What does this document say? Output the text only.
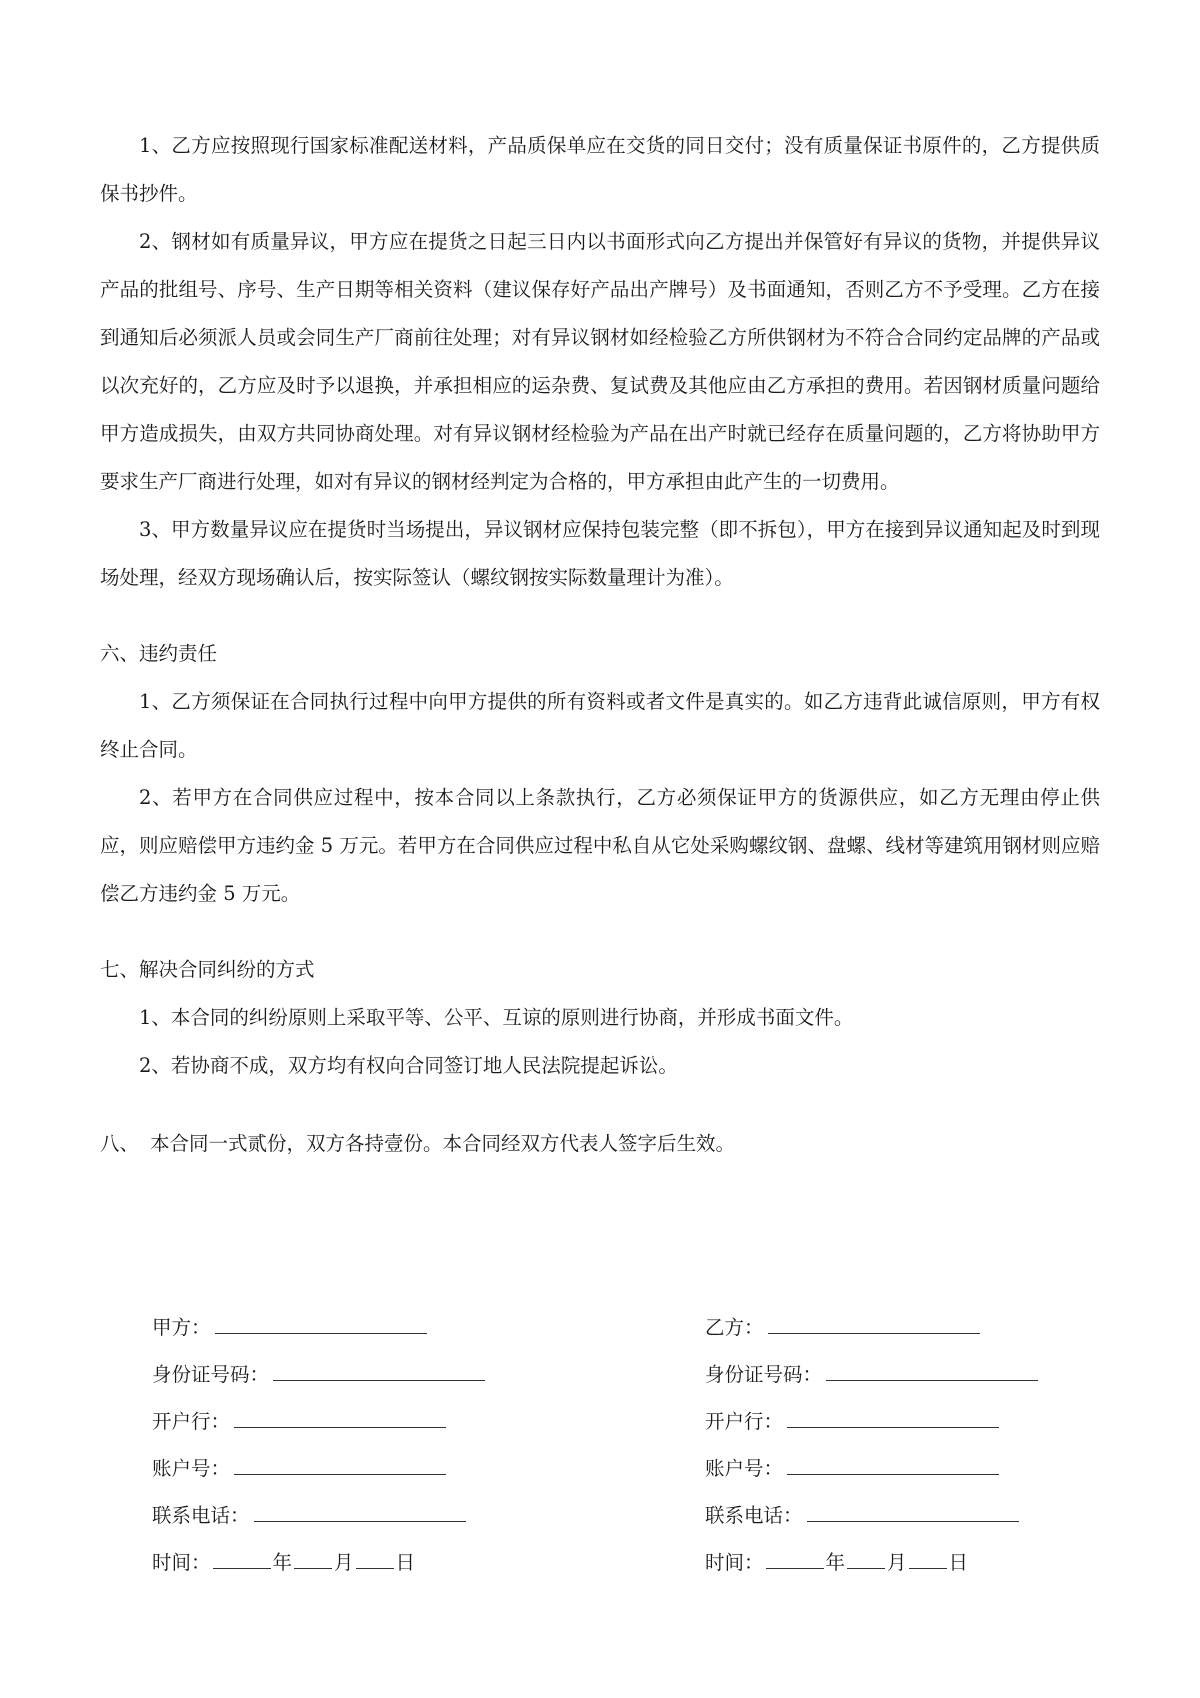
1、乙方应按照现行国家标准配送材料，产品质保单应在交货的同日交付；没有质量保证书原件的，乙方提供质保书抄件。

2、钢材如有质量异议，甲方应在提货之日起三日内以书面形式向乙方提出并保管好有异议的货物，并提供异议产品的批组号、序号、生产日期等相关资料（建议保存好产品出产牌号）及书面通知，否则乙方不予受理。乙方在接到通知后必须派人员或会同生产厂商前往处理；对有异议钢材如经检验乙方所供钢材为不符合合同约定品牌的产品或以次充好的，乙方应及时予以退换，并承担相应的运杂费、复试费及其他应由乙方承担的费用。若因钢材质量问题给甲方造成损失，由双方共同协商处理。对有异议钢材经检验为产品在出产时就已经存在质量问题的，乙方将协助甲方要求生产厂商进行处理，如对有异议的钢材经判定为合格的，甲方承担由此产生的一切费用。

3、甲方数量异议应在提货时当场提出，异议钢材应保持包装完整（即不拆包），甲方在接到异议通知起及时到现场处理，经双方现场确认后，按实际签认（螺纹钢按实际数量理计为准）。

六、违约责任

1、乙方须保证在合同执行过程中向甲方提供的所有资料或者文件是真实的。如乙方违背此诚信原则，甲方有权终止合同。

2、若甲方在合同供应过程中，按本合同以上条款执行，乙方必须保证甲方的货源供应，如乙方无理由停止供应，则应赔偿甲方违约金 5 万元。若甲方在合同供应过程中私自从它处采购螺纹钢、盘螺、线材等建筑用钢材则应赔偿乙方违约金 5 万元。

七、解决合同纠纷的方式

1、本合同的纠纷原则上采取平等、公平、互谅的原则进行协商，并形成书面文件。

2、若协商不成，双方均有权向合同签订地人民法院提起诉讼。

八、 本合同一式贰份，双方各持壹份。本合同经双方代表人签字后生效。

甲方：
身份证号码：
开户行：
账户号：
联系电话：
时间：	年 月 日
乙方：
身份证号码：
开户行：
账户号：
联系电话：
时间：	年 月 日
